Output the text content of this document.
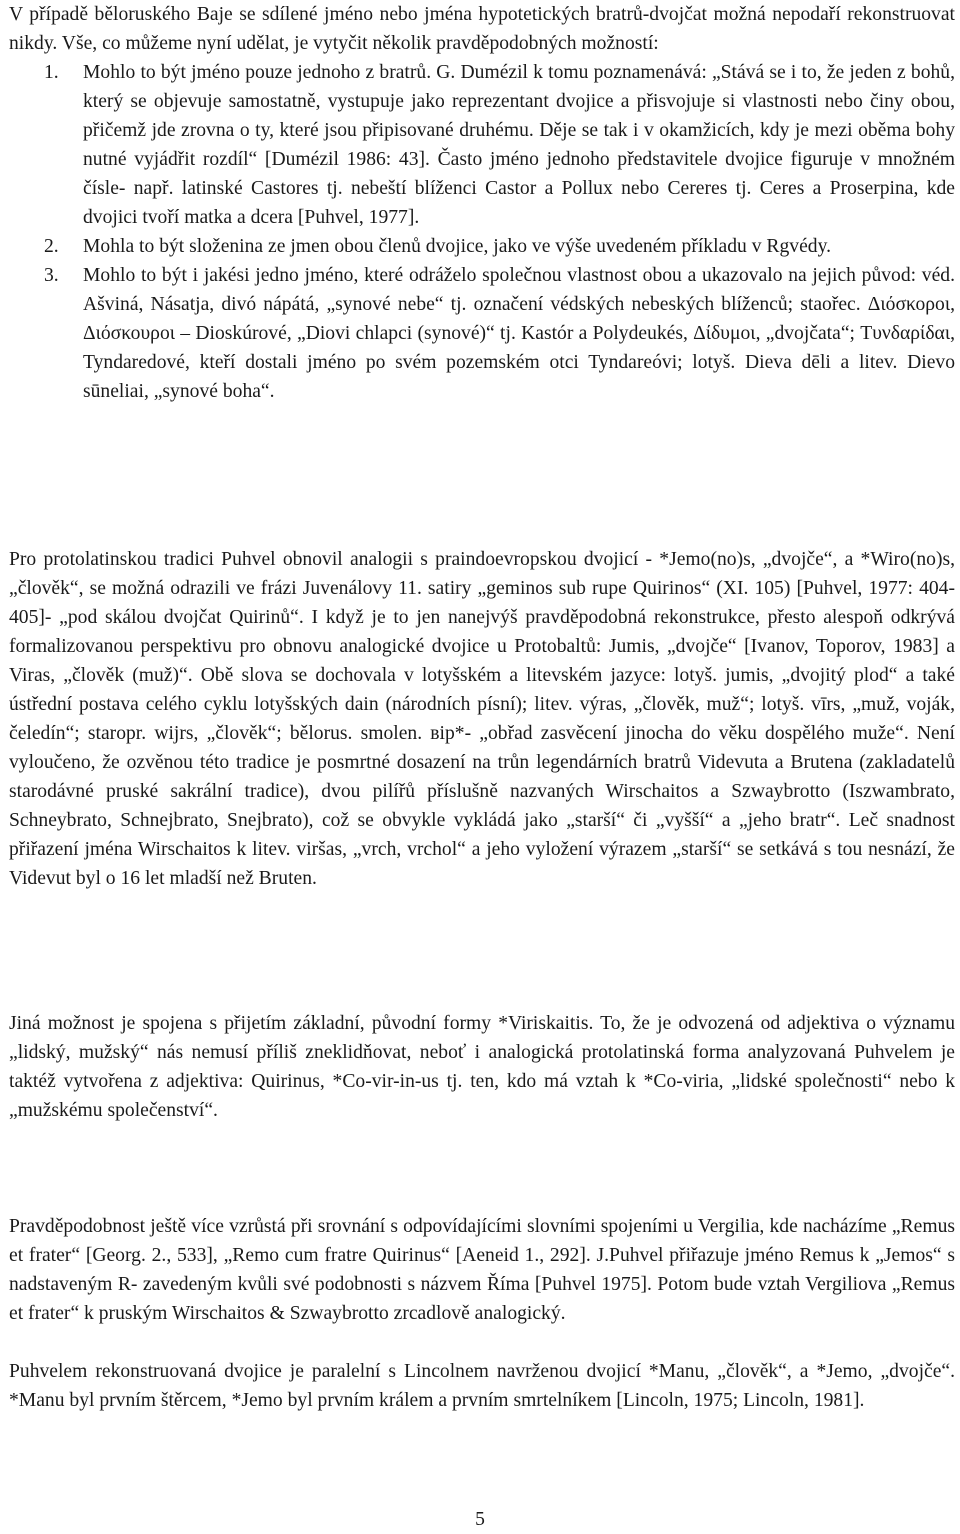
V případě běloruského Baje se sdílené jméno nebo jména hypotetických bratrů-dvojčat možná nepodaří rekonstruovat nikdy. Vše, co můžeme nyní udělat, je vytyčit několik pravděpodobných možností:

1. Mohlo to být jméno pouze jednoho z bratrů. G. Dumézil k tomu poznamenává: „Stává se i to, že jeden z bohů, který se objevuje samostatně, vystupuje jako reprezentant dvojice a přisvojuje si vlastnosti nebo činy obou, přičemž jde zrovna o ty, které jsou připisované druhému. Děje se tak i v okamžicích, kdy je mezi oběma bohy nutné vyjádřit rozdíl“ [Dumézil 1986: 43]. Často jméno jednoho představitele dvojice figuruje v množném čísle- např. latinské Castores tj. nebeští blíženci Castor a Pollux nebo Cereres tj. Ceres a Proserpina, kde dvojici tvoří matka a dcera [Puhvel, 1977].
2. Mohla to být složenina ze jmen obou členů dvojice, jako ve výše uvedeném příkladu v Rgvédy.
3. Mohlo to být i jakési jedno jméno, které odráželo společnou vlastnost obou a ukazovalo na jejich původ: véd. Ašviná, Násatja, divó nápátá, „synové nebe“ tj. označení védských nebeských blíženců; staořec. Διόσκοροι, Διόσκουροι – Dioskúrové, „Diovi chlapci (synové)“ tj. Kastór a Polydeukés, Δίδυμοι, „dvojčata“; Τυνδαρίδαι, Tyndaredové, kteří dostali jméno po svém pozemském otci Tyndareóvi; lotyš. Dieva dēli a litev. Dievo sūneliai, „synové boha“.

Pro protolatinskou tradici Puhvel obnovil analogii s praindoevropskou dvojicí - *Jemo(no)s, „dvojče“, a *Wiro(no)s, „člověk“, se možná odrazili ve frázi Juvenálovy 11. satiry „geminos sub rupe Quirinos“ (XI. 105) [Puhvel, 1977: 404-405]- „pod skálou dvojčat Quirinů“. I když je to jen nanejvýš pravděpodobná rekonstrukce, přesto alespoň odkrývá formalizovanou perspektivu pro obnovu analogické dvojice u Protobaltů: Jumis, „dvojče“ [Ivanov, Toporov, 1983] a Viras, „člověk (muž)“. Obě slova se dochovala v lotyšském a litevském jazyce: lotyš. jumis, „dvojitý plod“ a také ústřední postava celého cyklu lotyšských dain (národních písní); litev. výras, „člověk, muž“; lotyš. vīrs, „muž, voják, čeledín“; staropr. wijrs, „člověk“; bělorus. smolen. вір*- „obřad zasvěcení jinocha do věku dospělého muže“. Není vyloučeno, že ozvěnou této tradice je posmrtné dosazení na trůn legendárních bratrů Videvuta a Brutena (zakladatelů starodávné pruské sakrální tradice), dvou pilířů příslušně nazvaných Wirschaitos a Szwaybrotto (Iszwambrato, Schneybrato, Schnejbrato, Snejbrato), což se obvykle vykládá jako „starší“ či „vyšší“ a „jeho bratr“. Leč snadnost přiřazení jména Wirschaitos k litev. viršas, „vrch, vrchol“ a jeho vyložení výrazem „starší“ se setkává s tou nesnází, že Videvut byl o 16 let mladší než Bruten.

Jiná možnost je spojena s přijetím základní, původní formy *Viriskaitis. To, že je odvozená od adjektiva o významu „lidský, mužský“ nás nemusí příliš zneklidňovat, neboť i analogická protolatinská forma analyzovaná Puhvelem je taktéž vytvořena z adjektiva: Quirinus, *Co-vir-in-us tj. ten, kdo má vztah k *Co-viria, „lidské společnosti“ nebo k „mužskému společenství“.

Pravděpodobnost ještě více vzrůstá při srovnání s odpovídajícími slovními spojeními u Vergilia, kde nacházíme „Remus et frater“ [Georg. 2., 533], „Remo cum fratre Quirinus“ [Aeneid 1., 292]. J.Puhvel přiřazuje jméno Remus k „Jemos“ s nadstaveným R- zavedeným kvůli své podobnosti s názvem Říma [Puhvel 1975]. Potom bude vztah Vergiliova „Remus et frater“ k pruským Wirschaitos & Szwaybrotto zrcadlově analogický.

Puhvelem rekonstruovaná dvojice je paralelní s Lincolnem navrženou dvojicí *Manu, „člověk“, a *Jemo, „dvojče“. *Manu byl prvním štěrcem, *Jemo byl prvním králem a prvním smrtelníkem [Lincoln, 1975; Lincoln, 1981].

5
